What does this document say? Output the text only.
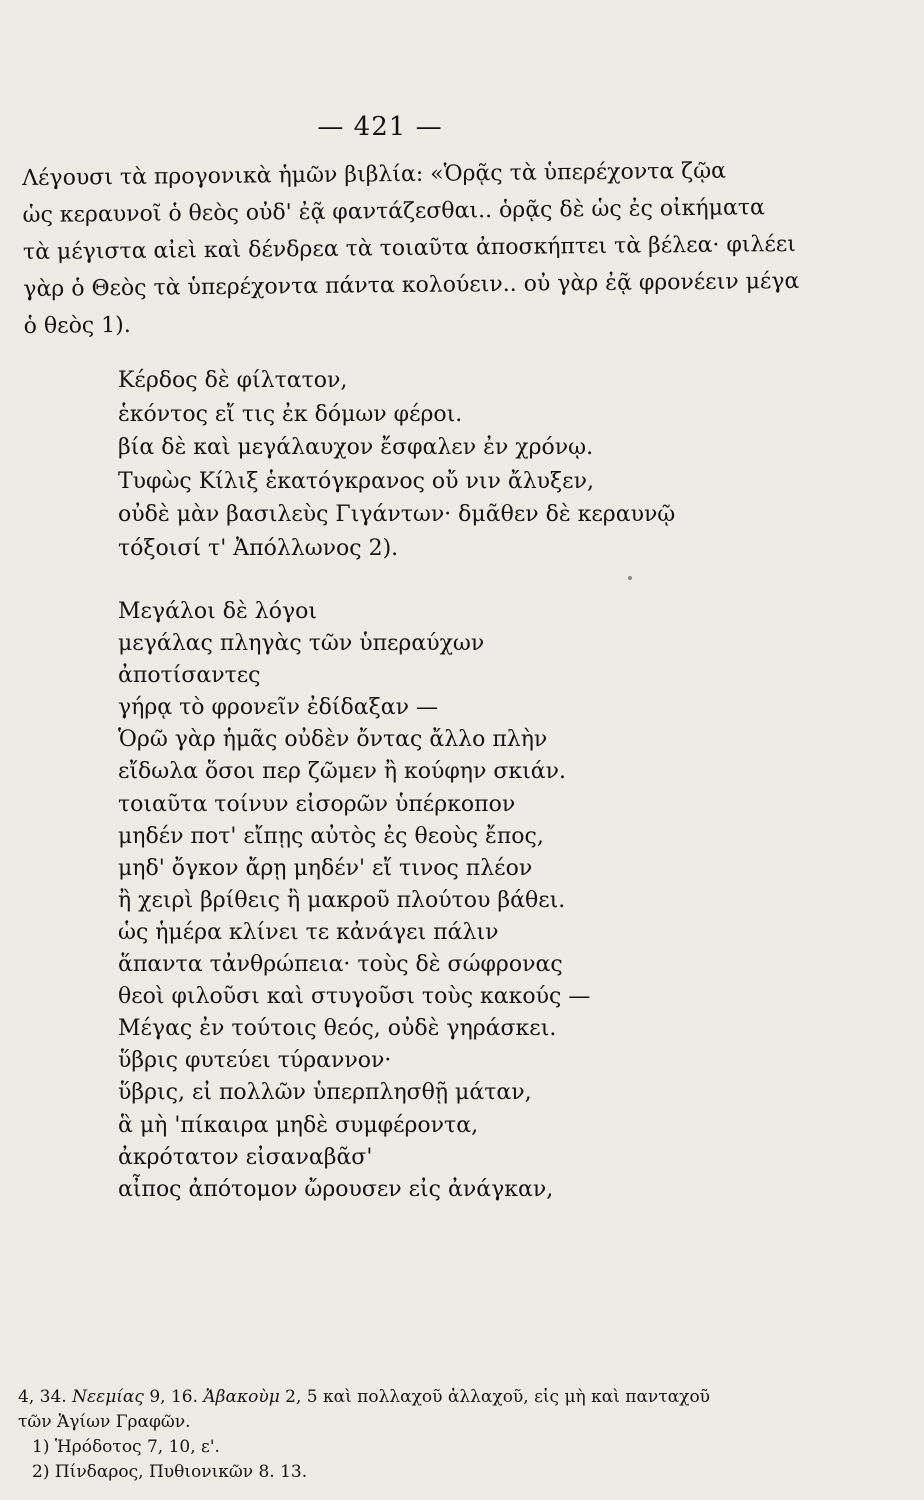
— 421 —
Λέγουσι τὰ προγονικὰ ἡμῶν βιβλία: «Ὁρᾷς τὰ ὑπερέχοντα ζῷα
ὡς κεραυνοῖ ὁ θεὸς οὐδ' ἐᾷ φαντάζεσθαι.. ὁρᾷς δὲ ὡς ἐς οἰκήματα
τὰ μέγιστα αἰεὶ καὶ δένδρεα τὰ τοιαῦτα ἀποσκήπτει τὰ βέλεα· φιλέει
γὰρ ὁ Θεὸς τὰ ὑπερέχοντα πάντα κολούειν.. οὐ γὰρ ἐᾷ φρονέειν μέγα
ὁ θεὸς 1).
Κέρδος δὲ φίλτατον,
ἑκόντος εἴ τις ἐκ δόμων φέροι.
βία δὲ καὶ μεγάλαυχον ἔσφαλεν ἐν χρόνῳ.
Τυφὼς Κίλιξ ἑκατόγκρανος οὔ νιν ἄλυξεν,
οὐδὲ μὰν βασιλεὺς Γιγάντων· δμᾶθεν δὲ κεραυνῷ
τόξοισί τ' Ἀπόλλωνος 2).
Μεγάλοι δὲ λόγοι
μεγάλας πληγὰς τῶν ὑπεραύχων
ἀποτίσαντες
γήρᾳ τὸ φρονεῖν ἐδίδαξαν —
Ὁρῶ γὰρ ἡμᾶς οὐδὲν ὄντας ἄλλο πλὴν
εἴδωλα ὅσοι περ ζῶμεν ἢ κούφην σκιάν.
τοιαῦτα τοίνυν εἰσορῶν ὑπέρκοπον
μηδέν ποτ' εἴπῃς αὐτὸς ἐς θεοὺς ἔπος,
μηδ' ὄγκον ἄρῃ μηδέν' εἴ τινος πλέον
ἢ χειρὶ βρίθεις ἢ μακροῦ πλούτου βάθει.
ὡς ἡμέρα κλίνει τε κἀνάγει πάλιν
ἅπαντα τἀνθρώπεια· τοὺς δὲ σώφρονας
θεοὶ φιλοῦσι καὶ στυγοῦσι τοὺς κακούς —
Μέγας ἐν τούτοις θεός, οὐδὲ γηράσκει.
ὕβρις φυτεύει τύραννον·
ὕβρις, εἰ πολλῶν ὑπερπλησθῇ μάταν,
ἃ μὴ 'πίκαιρα μηδὲ συμφέροντα,
ἀκρότατον εἰσαναβᾶσ'
αἶπος ἀπότομον ὤρουσεν εἰς ἀνάγκαν,
4, 34. Νεεμίας 9, 16. Ἀβακοὺμ 2, 5 καὶ πολλαχοῦ ἀλλαχοῦ, εἰς μὴ καὶ πανταχοῦ
τῶν Ἁγίων Γραφῶν.
1) Ἡρόδοτος 7, 10, ε'.
2) Πίνδαρος, Πυθιονικῶν 8. 13.
